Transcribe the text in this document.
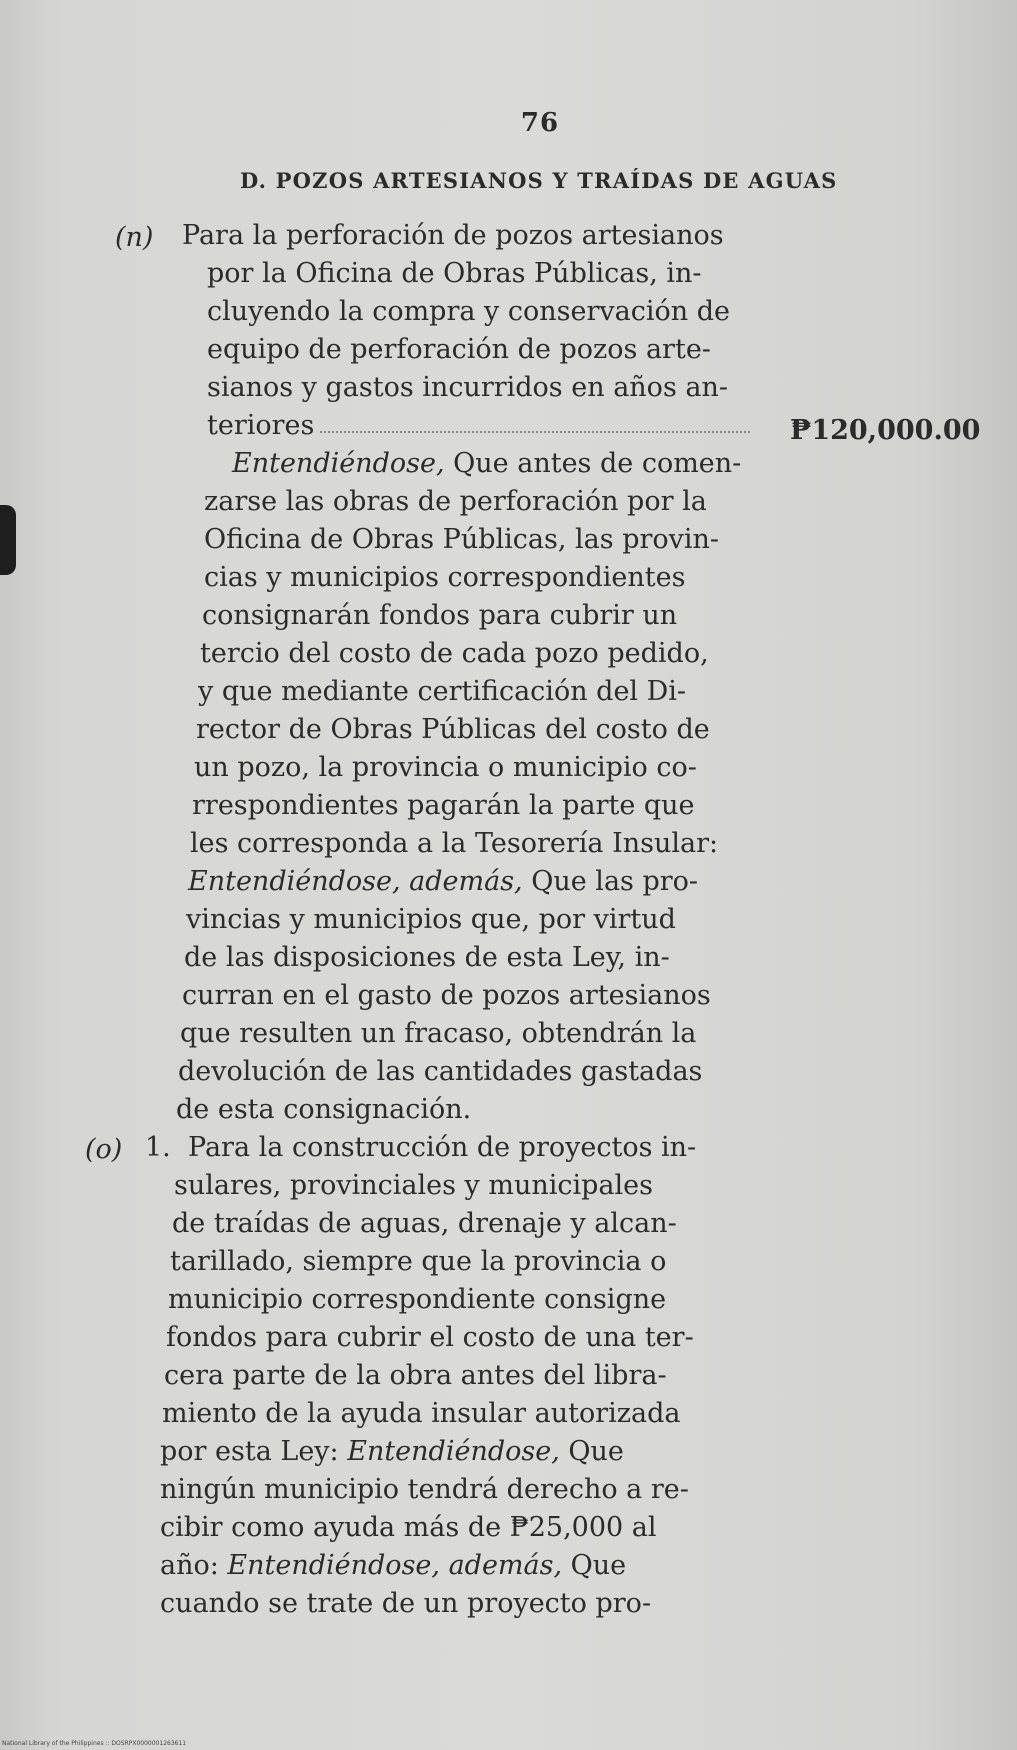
76
D. POZOS ARTESIANOS Y TRAÍDAS DE AGUAS
(n) Para la perforación de pozos artesianos
por la Oficina de Obras Públicas, in-
cluyendo la compra y conservación de
equipo de perforación de pozos arte-
sianos y gastos incurridos en años an-
teriores	₱120,000.00
Entendiéndose, Que antes de comen-
zarse las obras de perforación por la
Oficina de Obras Públicas, las provin-
cias y municipios correspondientes
consignarán fondos para cubrir un
tercio del costo de cada pozo pedido,
y que mediante certificación del Di-
rector de Obras Públicas del costo de
un pozo, la provincia o municipio co-
rrespondientes pagarán la parte que
les corresponda a la Tesorería Insular:
Entendiéndose, además, Que las pro-
vincias y municipios que, por virtud
de las disposiciones de esta Ley, in-
curran en el gasto de pozos artesianos
que resulten un fracaso, obtendrán la
devolución de las cantidades gastadas
de esta consignación.
(o) 1. Para la construcción de proyectos in-
sulares, provinciales y municipales
de traídas de aguas, drenaje y alcan-
tarillado, siempre que la provincia o
municipio correspondiente consigne
fondos para cubrir el costo de una ter-
cera parte de la obra antes del libra-
miento de la ayuda insular autorizada
por esta Ley: Entendiéndose, Que
ningún municipio tendrá derecho a re-
cibir como ayuda más de ₱25,000 al
año: Entendiéndose, además, Que
cuando se trate de un proyecto pro-
National Library of the Philippines :: DOSRPX0000001263611
